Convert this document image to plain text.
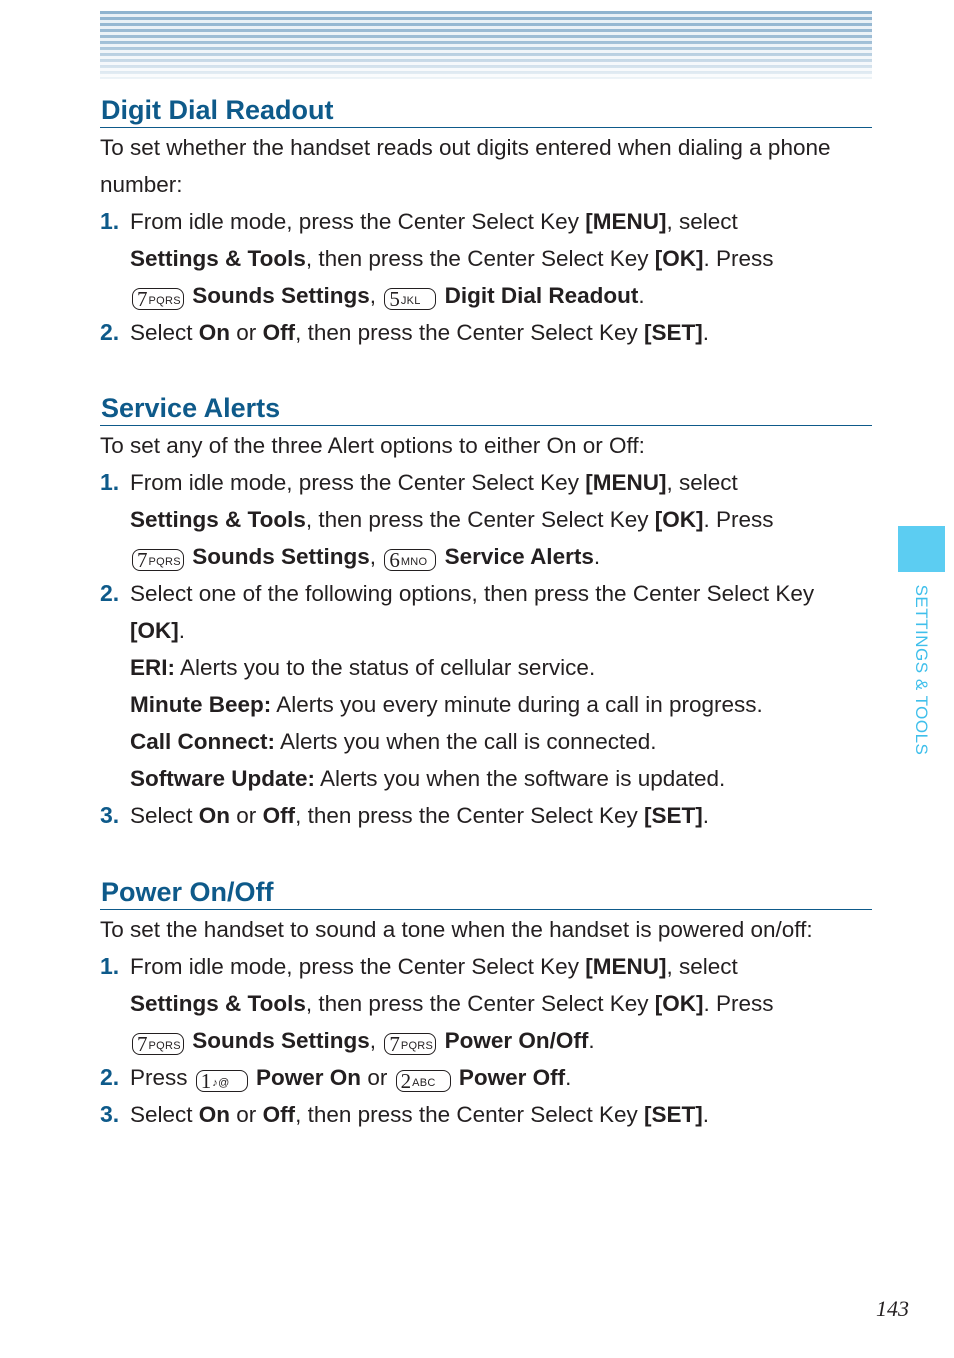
SETTINGS & TOOLS
Digit Dial Readout
To set whether the handset reads out digits entered when dialing a phone number:
1. From idle mode, press the Center Select Key [MENU], select
Settings & Tools, then press the Center Select Key [OK]. Press
7PQRS Sounds Settings, 5JKL Digit Dial Readout.
2. Select On or Off, then press the Center Select Key [SET].
Service Alerts
To set any of the three Alert options to either On or Off:
1. From idle mode, press the Center Select Key [MENU], select
Settings & Tools, then press the Center Select Key [OK]. Press
7PQRS Sounds Settings, 6MNO Service Alerts.
2. Select one of the following options, then press the Center Select Key [OK].
ERI: Alerts you to the status of cellular service.
Minute Beep: Alerts you every minute during a call in progress.
Call Connect: Alerts you when the call is connected.
Software Update: Alerts you when the software is updated.
3. Select On or Off, then press the Center Select Key [SET].
Power On/Off
To set the handset to sound a tone when the handset is powered on/off:
1. From idle mode, press the Center Select Key [MENU], select
Settings & Tools, then press the Center Select Key [OK]. Press
7PQRS Sounds Settings, 7PQRS Power On/Off.
2. Press 1♪@ Power On or 2ABC Power Off.
3. Select On or Off, then press the Center Select Key [SET].
143
